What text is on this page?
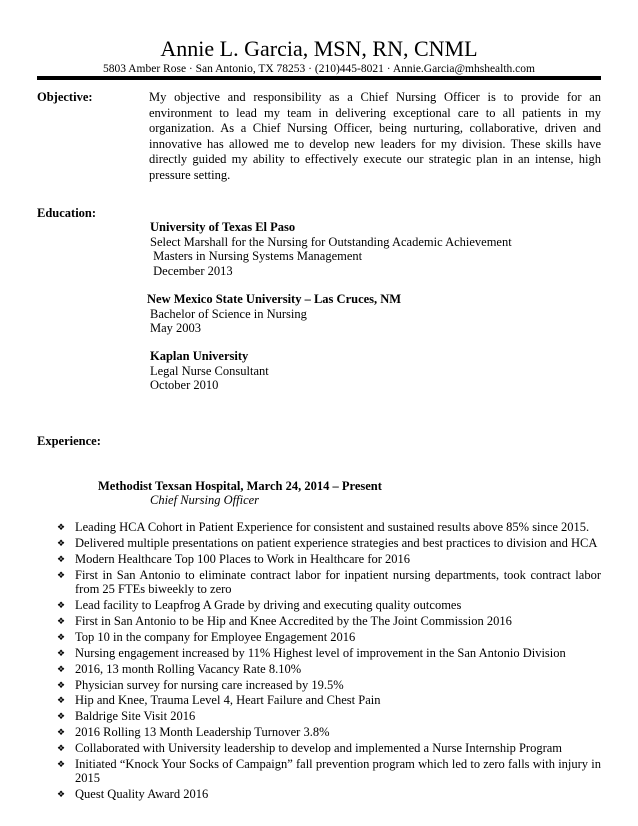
Annie L. Garcia, MSN, RN, CNML
5803 Amber Rose · San Antonio, TX 78253 · (210)445-8021 · Annie.Garcia@mhshealth.com
Objective:	My objective and responsibility as a Chief Nursing Officer is to provide for an environment to lead my team in delivering exceptional care to all patients in my organization. As a Chief Nursing Officer, being nurturing, collaborative, driven and innovative has allowed me to develop new leaders for my division. These skills have directly guided my ability to effectively execute our strategic plan in an intense, high pressure setting.
Education:
University of Texas El Paso
Select Marshall for the Nursing for Outstanding Academic Achievement
Masters in Nursing Systems Management
December 2013
New Mexico State University – Las Cruces, NM
Bachelor of Science in Nursing
May 2003
Kaplan University
Legal Nurse Consultant
October 2010
Experience:
Methodist Texsan Hospital, March 24, 2014 – Present
Chief Nursing Officer
❖ Leading HCA Cohort in Patient Experience for consistent and sustained results above 85% since 2015.
❖ Delivered multiple presentations on patient experience strategies and best practices to division and HCA
❖ Modern Healthcare Top 100 Places to Work in Healthcare for 2016
❖ First in San Antonio to eliminate contract labor for inpatient nursing departments, took contract labor from 25 FTEs biweekly to zero
❖ Lead facility to Leapfrog A Grade by driving and executing quality outcomes
❖ First in San Antonio to be Hip and Knee Accredited by the The Joint Commission 2016
❖ Top 10 in the company for Employee Engagement 2016
❖ Nursing engagement increased by 11% Highest level of improvement in the San Antonio Division
❖ 2016, 13 month Rolling Vacancy Rate 8.10%
❖ Physician survey for nursing care increased by 19.5%
❖ Hip and Knee, Trauma Level 4, Heart Failure and Chest Pain
❖ Baldrige Site Visit 2016
❖ 2016 Rolling 13 Month Leadership Turnover 3.8%
❖ Collaborated with University leadership to develop and implemented a Nurse Internship Program
❖ Initiated “Knock Your Socks of Campaign” fall prevention program which led to zero falls with injury in 2015
❖ Quest Quality Award 2016
